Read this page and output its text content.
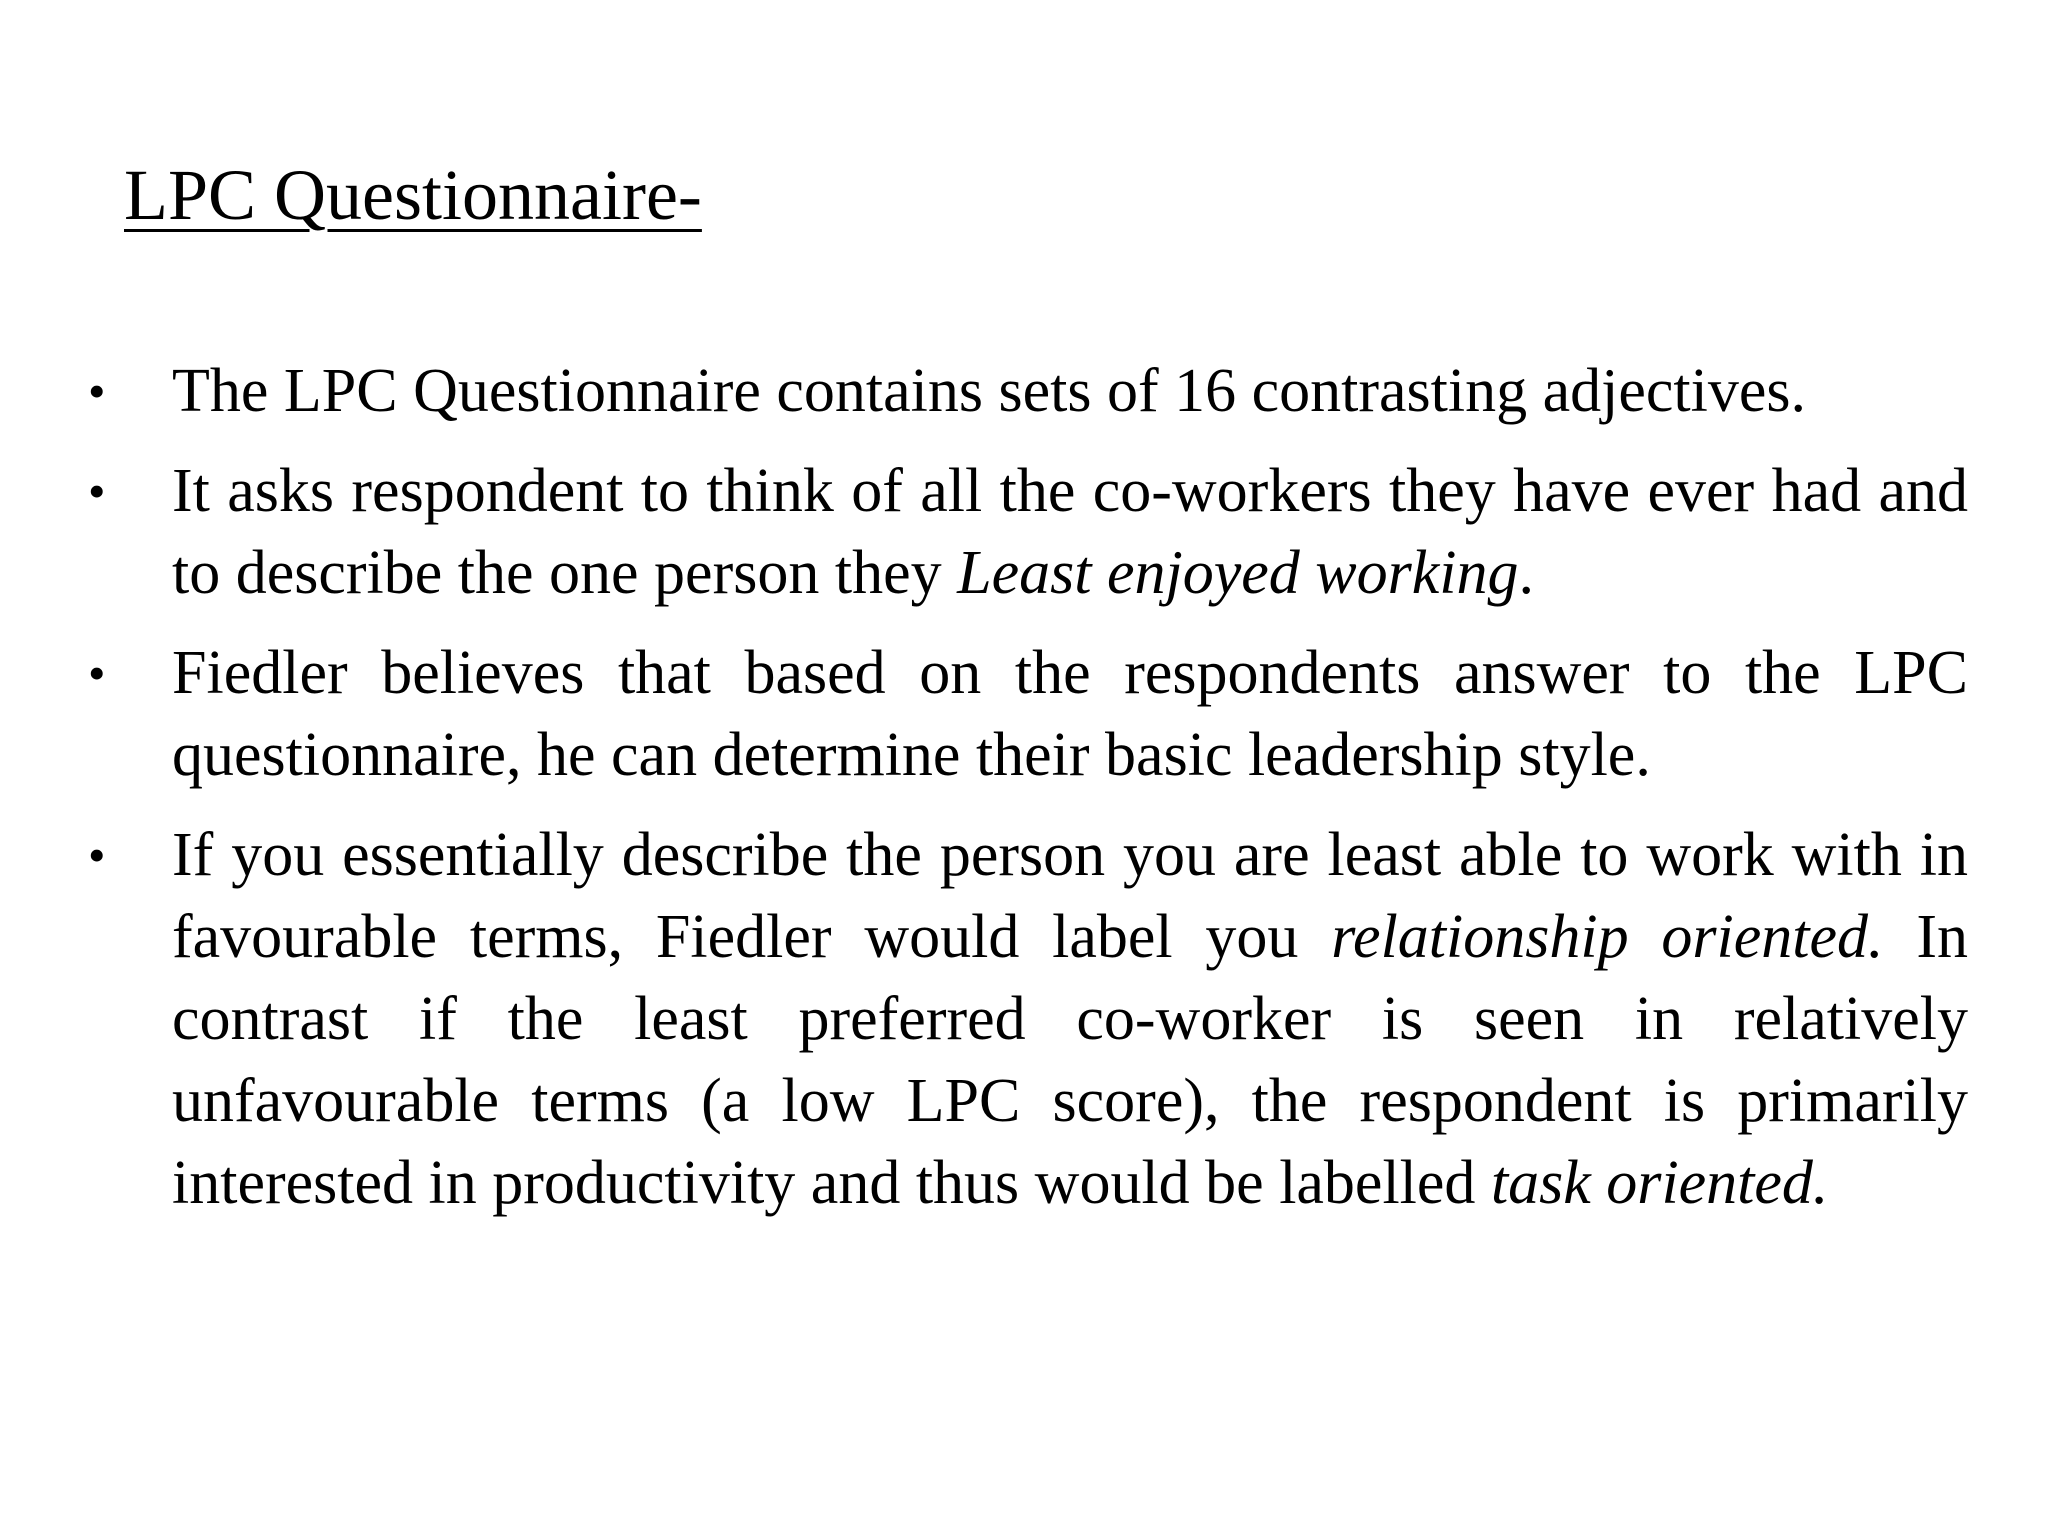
LPC Questionnaire-
•	The LPC Questionnaire contains sets of 16 contrasting adjectives.
•	It asks respondent to think of all the co-workers they have ever had and to describe the one person they Least enjoyed working.
•	Fiedler believes that based on the respondents answer to the LPC questionnaire, he can determine their basic leadership style.
•	If you essentially describe the person you are least able to work with in favourable terms, Fiedler would label you relationship oriented. In contrast if the least preferred co-worker is seen in relatively unfavourable terms (a low LPC score), the respondent is primarily interested in productivity and thus would be labelled task oriented.
